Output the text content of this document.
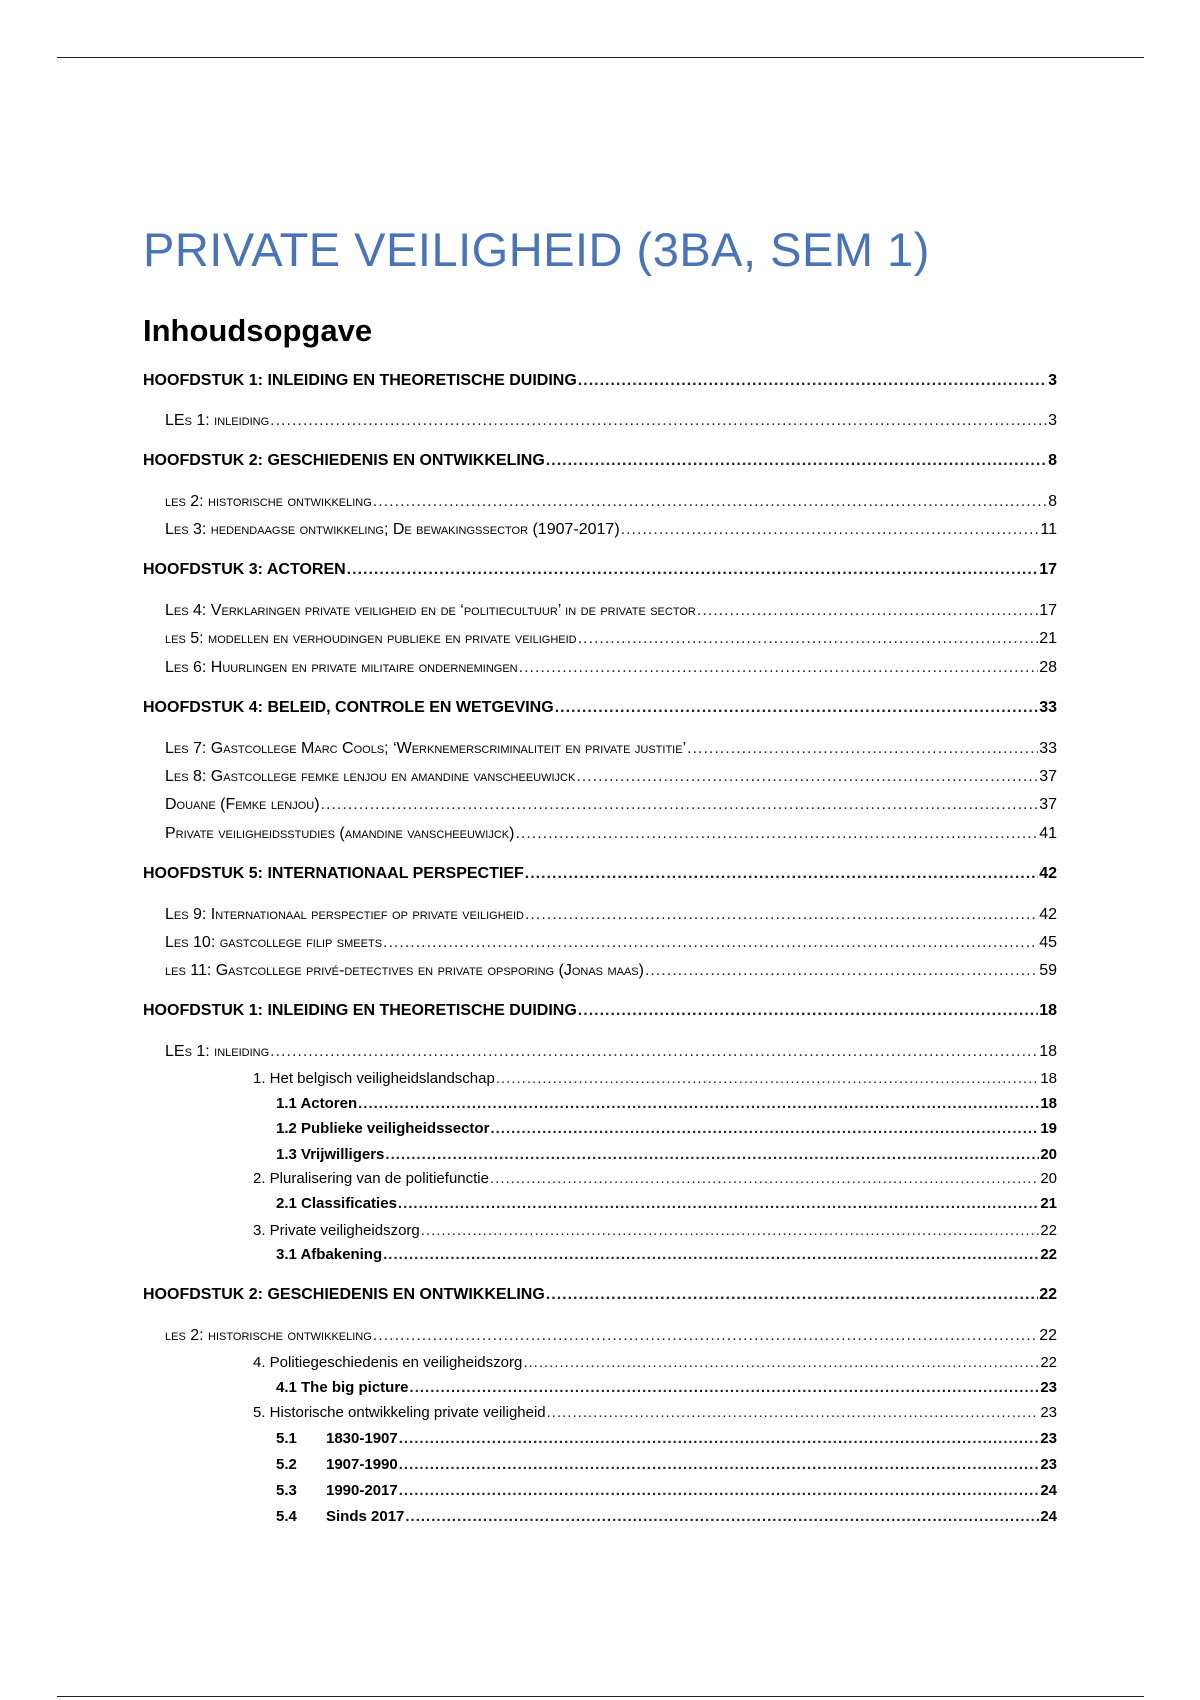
PRIVATE VEILIGHEID (3BA, SEM 1)
Inhoudsopgave
HOOFDSTUK 1: INLEIDING EN THEORETISCHE DUIDING .....	3
LEs 1: inleiding .....	3
HOOFDSTUK 2: GESCHIEDENIS EN ONTWIKKELING .....	8
les 2: historische ontwikkeling .....	8
Les 3: hedendaagse ontwikkeling; De bewakingssector (1907-2017) .....	11
HOOFDSTUK 3: ACTOREN .....	17
Les 4: Verklaringen private veiligheid en de ‘politiecultuur’ in de private sector .....	17
les 5: modellen en verhoudingen publieke en private veiligheid .....	21
Les 6: Huurlingen en private militaire ondernemingen .....	28
HOOFDSTUK 4: BELEID, CONTROLE EN WETGEVING .....	33
Les 7: Gastcollege Marc Cools; ‘Werknemerscriminaliteit en private justitie’ .....	33
Les 8: Gastcollege femke lenjou en amandine vanscheeuwijck .....	37
Douane (Femke lenjou) .....	37
Private veiligheidsstudies (amandine vanscheeuwijck) .....	41
HOOFDSTUK 5: INTERNATIONAAL PERSPECTIEF .....	42
Les 9: Internationaal perspectief op private veiligheid .....	42
Les 10: gastcollege filip smeets .....	45
les 11: Gastcollege privé-detectives en private opsporing (Jonas maas) .....	59
HOOFDSTUK 1: INLEIDING EN THEORETISCHE DUIDING .....	18
LEs 1: inleiding .....	18
1. Het belgisch veiligheidslandschap .....	18
1.1 Actoren .....	18
1.2 Publieke veiligheidssector .....	19
1.3 Vrijwilligers .....	20
2. Pluralisering van de politiefunctie .....	20
2.1 Classificaties .....	21
3. Private veiligheidszorg .....	22
3.1 Afbakening .....	22
HOOFDSTUK 2: GESCHIEDENIS EN ONTWIKKELING .....	22
les 2: historische ontwikkeling .....	22
4. Politiegeschiedenis en veiligheidszorg .....	22
4.1 The big picture .....	23
5. Historische ontwikkeling private veiligheid .....	23
5.1 1830-1907 .....	23
5.2 1907-1990 .....	23
5.3 1990-2017 .....	24
5.4 Sinds 2017 .....	24
